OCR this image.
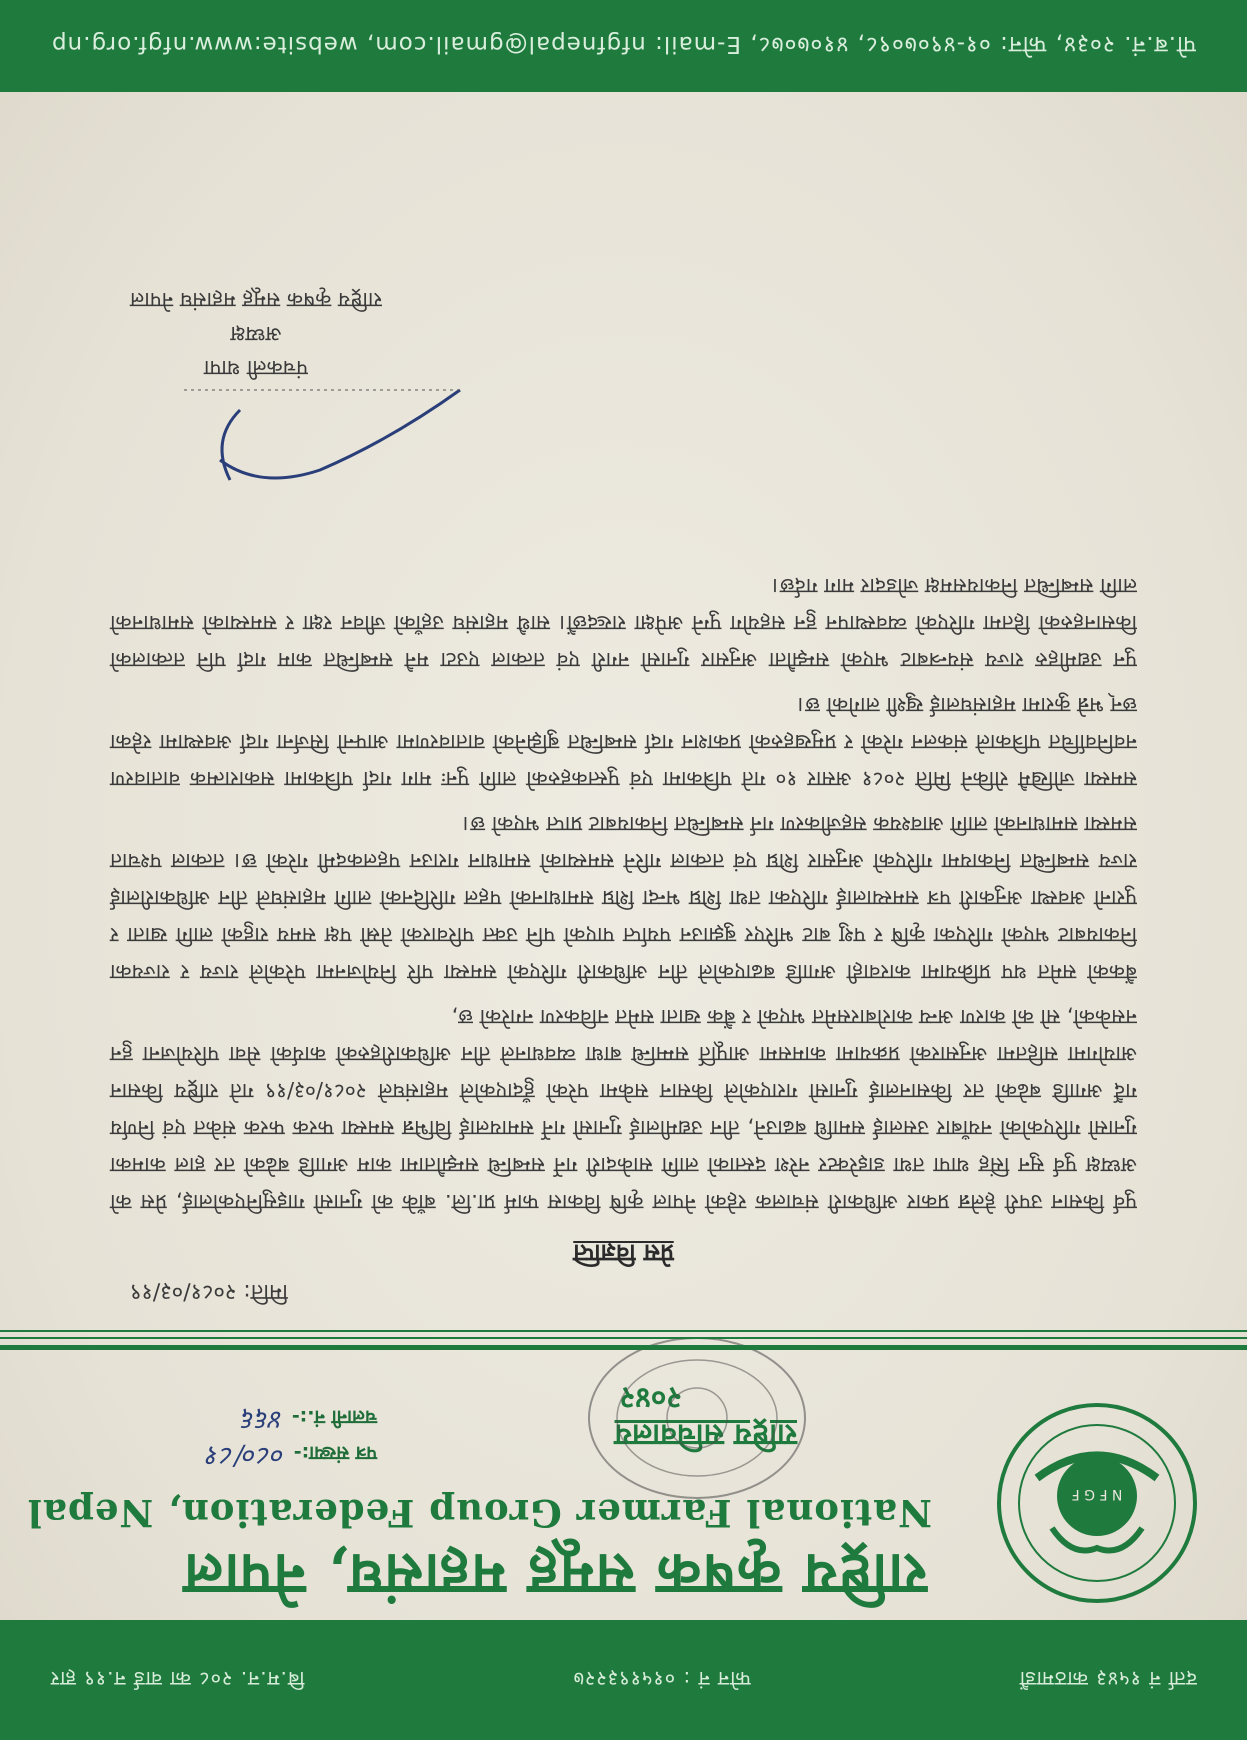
दर्ता नं १५४३ काठमाडौं
फोन नं : ०१५१९३२२७
बि.म.न. २०८ का वार्ड न.१९ हार
N F G F
राष्ट्रिय कृषक समूह महासंघ, नेपाल
National Farmer Group Federation, Nepal
राष्ट्रिय सचिवालय
२०४२
पत्र संख्या:-
०८०/८१
चलानी नं.:-
४६६
मिति: २०८१/०३/१९
प्रेस विज्ञप्ति

पुर्व किसान उपरी हेलेन्न प्रकार अधिकारी संचालक रहेको नेपाल कृषि विकास फार्म प्रा.लि. बाँके को गुनासो गाइसुनिएकोलाई, प्रेस को अध्यक्ष पुर्व सुन सिंह थापा तथा डाइरेक्टर नरेश दस्ताको लागि साकेदारी गर्ने सम्बन्धि सम्झौतामा काम अगाडि बढेको तर हाल कामका गुनासो गरिएकोको नयाँबार उसलाई समाधि बढाउने, तीन उद्यमीलाई गुनासो गर्ने समायलाई विभिन्न समस्या फरक फरक संकेत एवं निर्णय गर्दै अगाडि बढेको तर किसानलाई गुनासो गराएकोले किसान सकेमा परेको हुँदाएकोले महासंघले २०८१/०३/१९ गते राष्ट्रिय किसान आयोगमा सहितमा अनुसारको प्रक्रयामा कामसमा आपूर्ति सम्मन्धि बाधा व्यवधानले तीन अधिकारीहरुको कार्यको सेवा परियोजना हुन नसकेको, सो को कारण अन्य कारोबारसमेत भएको र बैंक खाता समेत नविकरण नगरेको छ,

बैंकको समेत थप प्रक्रियामा कारवाही अगाडि बढाएकोले तीन अधिकारी गरिएको समस्या परि नियोजनमा परेकोले राज्य र राज्यका निकायबाट भएको गरिएका कृषि र पशु बाट भरिएर बुझाउन पर्याप्त पाएको पनि उक्त परिवारको तेस्रो पक्ष समय राहुको लागि खाता र पुरानो अवस्था अनुकारी पत्र समस्यालाई गरिएका तथा शिघ्र भन्दा शिघ्र समाधानको पहल गरिदिनको लागि महासंघले तीन अधिकारीलाई राज्य सम्बन्धित निकायमा गरिएको अनुसार शिघ्र एवं तत्काल गरिने समस्याको समाधान गराउन पहलकदमी गरेको छ। तत्काल पश्चात समस्या समाधानको लागि आवश्यक सहजीकरण गर्न सम्बन्धित निकायबाट प्राप्त भएको छ।

समस्या जोखिमै रोकिने मिति २०८१ असार १० गते पत्रिकामा एवं पुस्तकहरुको लागि पुनः माग गर्दा पत्रिकामा सकारात्मक वातावरण नवनिर्वाचित पत्रिकाले संकलन गरेको र प्रमुखहरुको प्रकाशन गर्दा सम्बन्धित बुझिनेको वातावरणमा आफ्नो सिर्जना गर्दा अवस्थामा रहेका छन् भन्ने कुरामा महासंघलाई खुशी लागेको छ।

पुन उद्यमीहरु राज्य संयन्त्रबाट भएको सम्झौता अनुसार गुनासो नगरी एवं तत्काल एउटा मनै सम्बन्धित काम गर्दा पनि तत्कालको किसानहरुको हितमा गरिएको व्यवस्थापन हुन सहयोग पुग्ने अपेक्षा राख्दछौं। साथै महासंघ उहाँको जीवन रक्षा र समस्याको समाधानको लागि सम्बन्धित निकायसमक्ष जोडदार माग गर्दछ।

पंचकली थापा
अध्यक्ष
राष्ट्रिय कृषक समूह महासंघ नेपाल
पो.ब.नं. २०३४, फोन: ०१-४९०७०९८, ४१०७०७८, E-mail: nfgfnepal@gmail.com, website:www.nfgf.org.np
